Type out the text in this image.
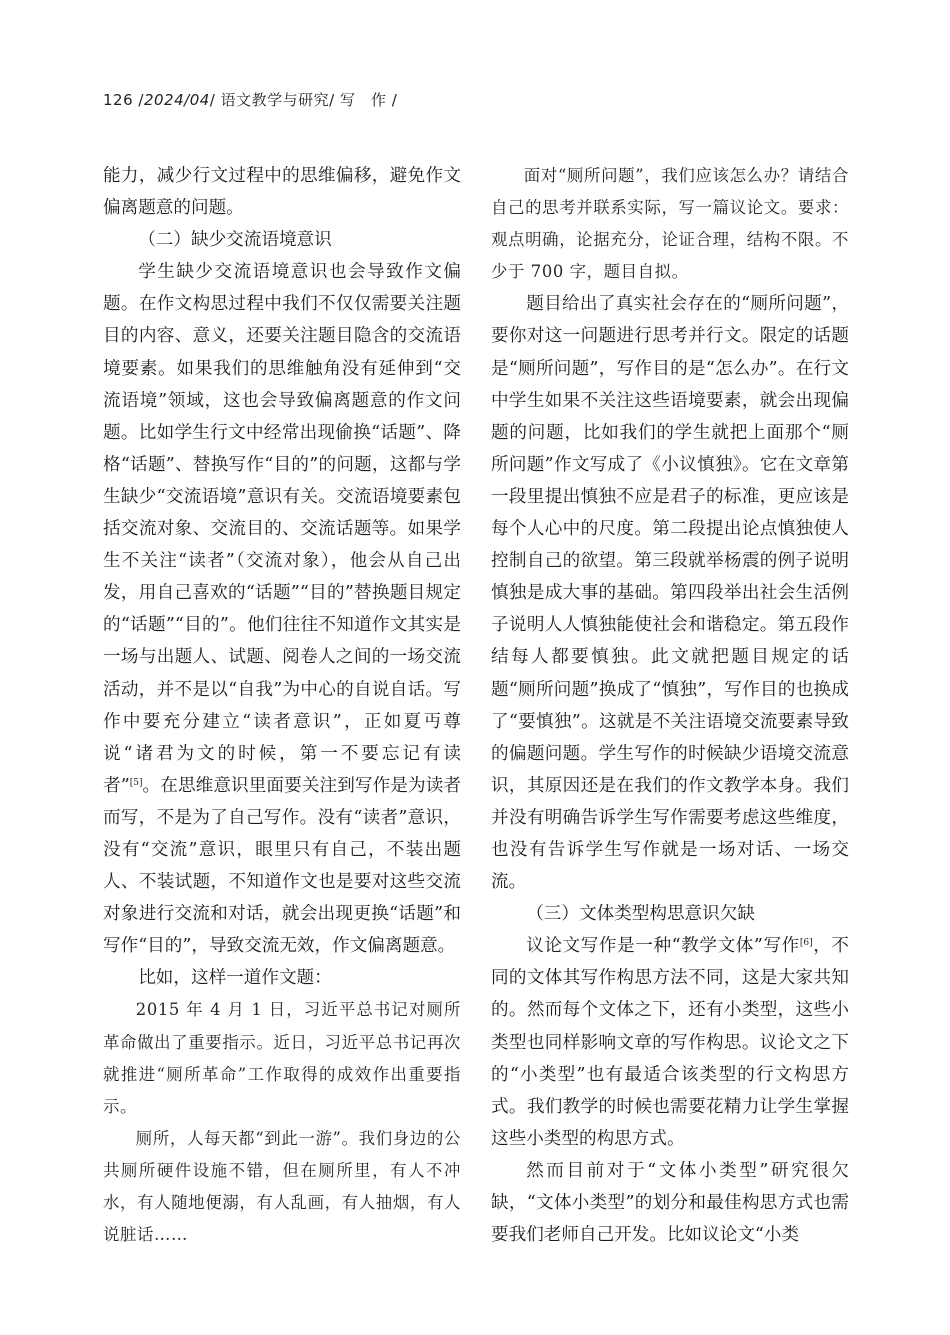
126 /2024/04/ 语文教学与研究/ 写　作 /

能力，减少行文过程中的思维偏移，避免作文偏离题意的问题。

（二）缺少交流语境意识

学生缺少交流语境意识也会导致作文偏题。在作文构思过程中我们不仅仅需要关注题目的内容、意义，还要关注题目隐含的交流语境要素。如果我们的思维触角没有延伸到“交流语境”领域，这也会导致偏离题意的作文问题。比如学生行文中经常出现偷换“话题”、降格“话题”、替换写作“目的”的问题，这都与学生缺少“交流语境”意识有关。交流语境要素包括交流对象、交流目的、交流话题等。如果学生不关注“读者”（交流对象），他会从自己出发，用自己喜欢的“话题”“目的”替换题目规定的“话题”“目的”。他们往往不知道作文其实是一场与出题人、试题、阅卷人之间的一场交流活动，并不是以“自我”为中心的自说自话。写作中要充分建立“读者意识”，正如夏丏尊说“诸君为文的时候，第一不要忘记有读者”[5]。在思维意识里面要关注到写作是为读者而写，不是为了自己写作。没有“读者”意识，没有“交流”意识，眼里只有自己，不装出题人、不装试题，不知道作文也是要对这些交流对象进行交流和对话，就会出现更换“话题”和写作“目的”，导致交流无效，作文偏离题意。

比如，这样一道作文题：

2015 年 4 月 1 日，习近平总书记对厕所革命做出了重要指示。近日，习近平总书记再次就推进“厕所革命”工作取得的成效作出重要指示。

厕所，人每天都“到此一游”。我们身边的公共厕所硬件设施不错，但在厕所里，有人不冲水，有人随地便溺，有人乱画，有人抽烟，有人说脏话……

面对“厕所问题”，我们应该怎么办？请结合自己的思考并联系实际，写一篇议论文。要求：观点明确，论据充分，论证合理，结构不限。不少于 700 字，题目自拟。

题目给出了真实社会存在的“厕所问题”，要你对这一问题进行思考并行文。限定的话题是“厕所问题”，写作目的是“怎么办”。在行文中学生如果不关注这些语境要素，就会出现偏题的问题，比如我们的学生就把上面那个“厕所问题”作文写成了《小议慎独》。它在文章第一段里提出慎独不应是君子的标准，更应该是每个人心中的尺度。第二段提出论点慎独使人控制自己的欲望。第三段就举杨震的例子说明慎独是成大事的基础。第四段举出社会生活例子说明人人慎独能使社会和谐稳定。第五段作结每人都要慎独。此文就把题目规定的话题“厕所问题”换成了“慎独”，写作目的也换成了“要慎独”。这就是不关注语境交流要素导致的偏题问题。学生写作的时候缺少语境交流意识，其原因还是在我们的作文教学本身。我们并没有明确告诉学生写作需要考虑这些维度，也没有告诉学生写作就是一场对话、一场交流。

（三）文体类型构思意识欠缺

议论文写作是一种“教学文体”写作[6]，不同的文体其写作构思方法不同，这是大家共知的。然而每个文体之下，还有小类型，这些小类型也同样影响文章的写作构思。议论文之下的“小类型”也有最适合该类型的行文构思方式。我们教学的时候也需要花精力让学生掌握这些小类型的构思方式。

然而目前对于“文体小类型”研究很欠缺，“文体小类型”的划分和最佳构思方式也需要我们老师自己开发。比如议论文“小类
